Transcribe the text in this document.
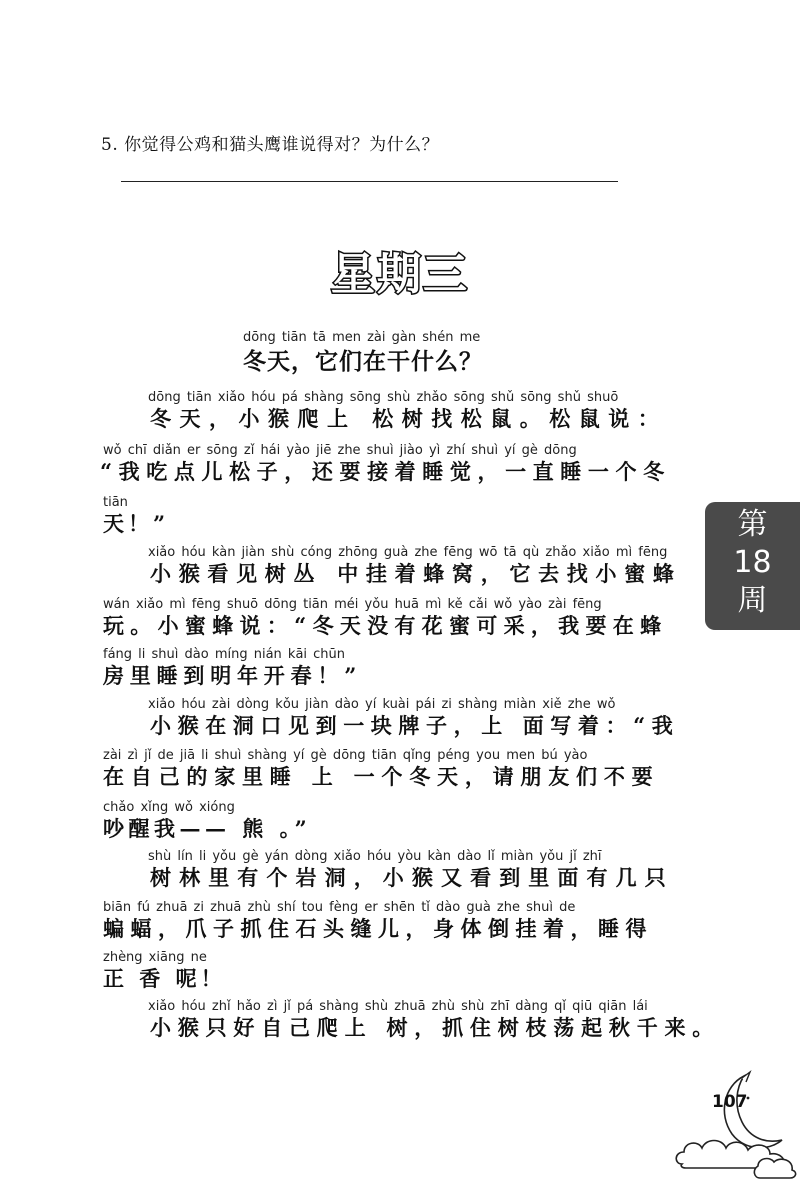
5. 你觉得公鸡和猫头鹰谁说得对？为什么？
星期三
dōng tiān tā men zài gàn shén me
冬天，它们在干什么？
dōng tiān xiǎo hóu pá shàng sōng shù zhǎo sōng shǔ sōng shǔ shuō
冬天，小猴爬上 松树找松鼠。松鼠说：
wǒ chī diǎn er sōng zǐ hái yào jiē zhe shuì jiào yì zhí shuì yí gè dōng
“我吃点儿松子，还要接着睡觉，一直睡一个冬
tiān
天！”
xiǎo hóu kàn jiàn shù cóng zhōng guà zhe fēng wō tā qù zhǎo xiǎo mì fēng
小猴看见树丛 中挂着蜂窝，它去找小蜜蜂
wán xiǎo mì fēng shuō dōng tiān méi yǒu huā mì kě cǎi wǒ yào zài fēng
玩。小蜜蜂说：“冬天没有花蜜可采，我要在蜂
fáng li shuì dào míng nián kāi chūn
房里睡到明年开春！”
xiǎo hóu zài dòng kǒu jiàn dào yí kuài pái zi shàng miàn xiě zhe wǒ
小猴在洞口见到一块牌子，上 面写着：“我
zài zì jǐ de jiā li shuì shàng yí gè dōng tiān qǐng péng you men bú yào
在自己的家里睡 上 一个冬天，请朋友们不要
chǎo xǐng wǒ xióng
吵醒我—— 熊 。”
shù lín li yǒu gè yán dòng xiǎo hóu yòu kàn dào lǐ miàn yǒu jǐ zhī
树林里有个岩洞，小猴又看到里面有几只
biān fú zhuā zi zhuā zhù shí tou fèng er shēn tǐ dào guà zhe shuì de
蝙蝠，爪子抓住石头缝儿，身体倒挂着，睡得
zhèng xiāng ne
正 香 呢！
xiǎo hóu zhǐ hǎo zì jǐ pá shàng shù zhuā zhù shù zhī dàng qǐ qiū qiān lái
小猴只好自己爬上 树，抓住树枝荡起秋千来。
第
18
周
107
